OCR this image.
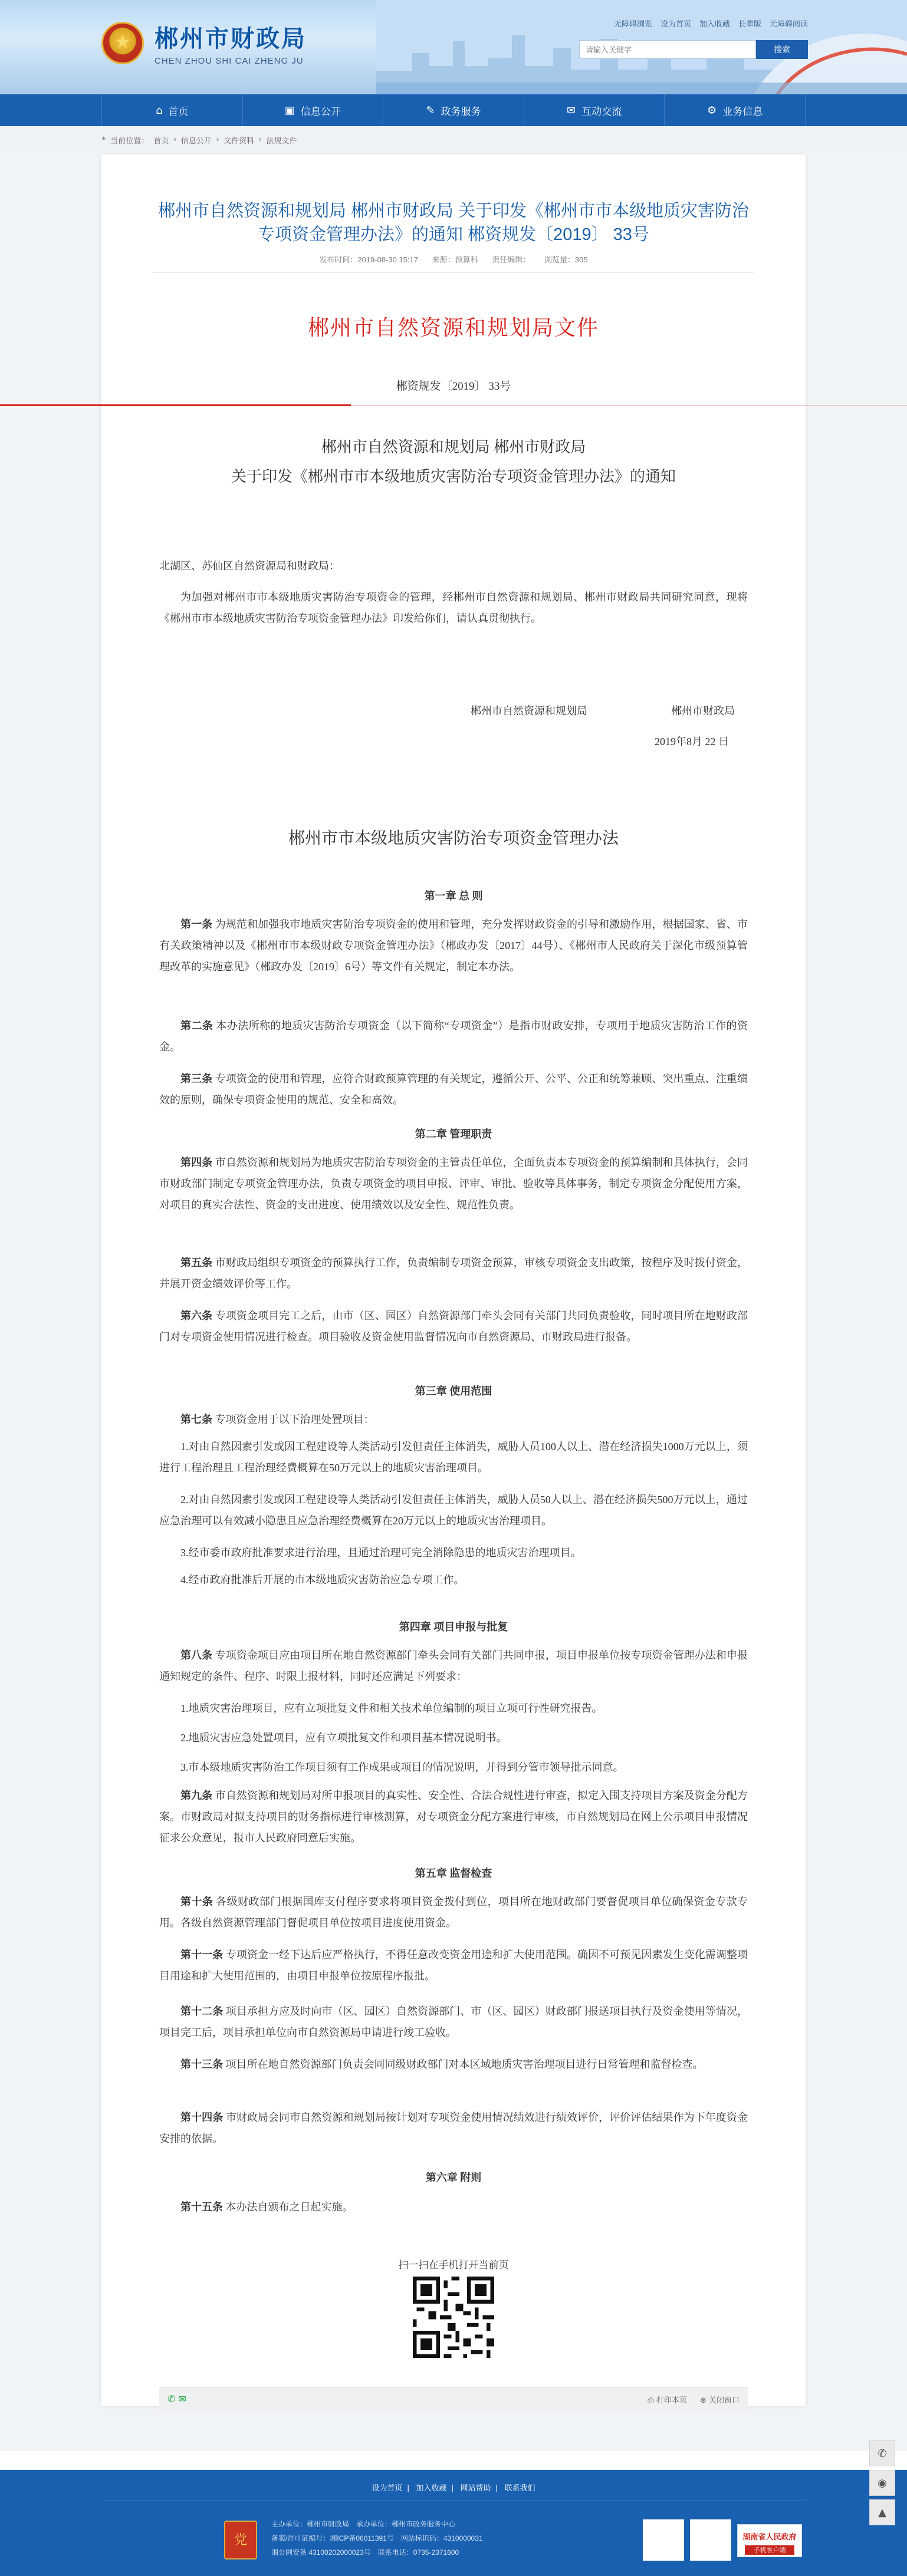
★
郴州市财政局
CHEN ZHOU SHI CAI ZHENG JU
无障碍浏览 设为首页 加入收藏 长辈版 无障碍阅读
请输入关键字
搜索
⌂ 首页	▣ 信息公开	✎ 政务服务	✉ 互动交流	⚙ 业务信息
⌖ 当前位置： 首页 › 信息公开 › 文件资料 › 法规文件
郴州市自然资源和规划局 郴州市财政局 关于印发《郴州市市本级地质灾害防治专项资金管理办法》的通知 郴资规发〔2019〕 33号
发布时间：2019-08-30 15:17 来源：预算科 责任编辑： 浏览量：305
郴州市自然资源和规划局文件
郴资规发〔2019〕 33号
郴州市自然资源和规划局 郴州市财政局
关于印发《郴州市市本级地质灾害防治专项资金管理办法》的通知
北湖区、苏仙区自然资源局和财政局：
为加强对郴州市市本级地质灾害防治专项资金的管理，经郴州市自然资源和规划局、郴州市财政局共同研究同意，现将《郴州市市本级地质灾害防治专项资金管理办法》印发给你们，请认真贯彻执行。
郴州市自然资源和规划局	郴州市财政局
2019年8月 22 日
郴州市市本级地质灾害防治专项资金管理办法
第一章 总 则
第一条 为规范和加强我市地质灾害防治专项资金的使用和管理，充分发挥财政资金的引导和激励作用，根据国家、省、市有关政策精神以及《郴州市市本级财政专项资金管理办法》（郴政办发〔2017〕44号）、《郴州市人民政府关于深化市级预算管理改革的实施意见》（郴政办发〔2019〕6号）等文件有关规定，制定本办法。
第二条 本办法所称的地质灾害防治专项资金（以下简称“专项资金”）是指市财政安排，专项用于地质灾害防治工作的资金。
第三条 专项资金的使用和管理，应符合财政预算管理的有关规定，遵循公开、公平、公正和统筹兼顾、突出重点、注重绩效的原则，确保专项资金使用的规范、安全和高效。
第二章 管理职责
第四条 市自然资源和规划局为地质灾害防治专项资金的主管责任单位，全面负责本专项资金的预算编制和具体执行，会同市财政部门制定专项资金管理办法，负责专项资金的项目申报、评审、审批、验收等具体事务，制定专项资金分配使用方案，对项目的真实合法性、资金的支出进度、使用绩效以及安全性、规范性负责。
第五条 市财政局组织专项资金的预算执行工作，负责编制专项资金预算，审核专项资金支出政策，按程序及时拨付资金，并展开资金绩效评价等工作。
第六条 专项资金项目完工之后，由市（区、园区）自然资源部门牵头会同有关部门共同负责验收，同时项目所在地财政部门对专项资金使用情况进行检查。项目验收及资金使用监督情况向市自然资源局、市财政局进行报备。
第三章 使用范围
第七条 专项资金用于以下治理处置项目：
1.对由自然因素引发或因工程建设等人类活动引发但责任主体消失，威胁人员100人以上、潜在经济损失1000万元以上，须进行工程治理且工程治理经费概算在50万元以上的地质灾害治理项目。
2.对由自然因素引发或因工程建设等人类活动引发但责任主体消失，威胁人员50人以上、潜在经济损失500万元以上，通过应急治理可以有效减小隐患且应急治理经费概算在20万元以上的地质灾害治理项目。
3.经市委市政府批准要求进行治理，且通过治理可完全消除隐患的地质灾害治理项目。
4.经市政府批准后开展的市本级地质灾害防治应急专项工作。
第四章 项目申报与批复
第八条 专项资金项目应由项目所在地自然资源部门牵头会同有关部门共同申报，项目申报单位按专项资金管理办法和申报通知规定的条件、程序、时限上报材料，同时还应满足下列要求：
1.地质灾害治理项目，应有立项批复文件和相关技术单位编制的项目立项可行性研究报告。
2.地质灾害应急处置项目，应有立项批复文件和项目基本情况说明书。
3.市本级地质灾害防治工作项目须有工作成果或项目的情况说明，并得到分管市领导批示同意。
第九条 市自然资源和规划局对所申报项目的真实性、安全性、合法合规性进行审查，拟定入围支持项目方案及资金分配方案。市财政局对拟支持项目的财务指标进行审核测算，对专项资金分配方案进行审核，市自然规划局在网上公示项目申报情况征求公众意见，报市人民政府同意后实施。
第五章 监督检查
第十条 各级财政部门根据国库支付程序要求将项目资金拨付到位，项目所在地财政部门要督促项目单位确保资金专款专用。各级自然资源管理部门督促项目单位按项目进度使用资金。
第十一条 专项资金一经下达后应严格执行，不得任意改变资金用途和扩大使用范围。确因不可预见因素发生变化需调整项目用途和扩大使用范围的，由项目申报单位按原程序报批。
第十二条 项目承担方应及时向市（区、园区）自然资源部门、市（区、园区）财政部门报送项目执行及资金使用等情况，项目完工后，项目承担单位向市自然资源局申请进行竣工验收。
第十三条 项目所在地自然资源部门负责会同同级财政部门对本区域地质灾害治理项目进行日常管理和监督检查。
第十四条 市财政局会同市自然资源和规划局按计划对专项资金使用情况绩效进行绩效评价，评价评估结果作为下年度资金安排的依据。
第六章 附则
第十五条 本办法自颁布之日起实施。
扫一扫在手机打开当前页
✆ ✉	⎙ 打印本页 ⊗ 关闭窗口
设为首页 | 加入收藏 | 网站帮助 | 联系我们
党
主办单位：郴州市财政局 承办单位：郴州市政务服务中心
备案/许可证编号：湘ICP备06011391号 网站标识码：4310000031
湘公网安备 43100202000023号 联系电话：0735-2371600
湖南省人民政府
手机客户端
✆
◉
▲
